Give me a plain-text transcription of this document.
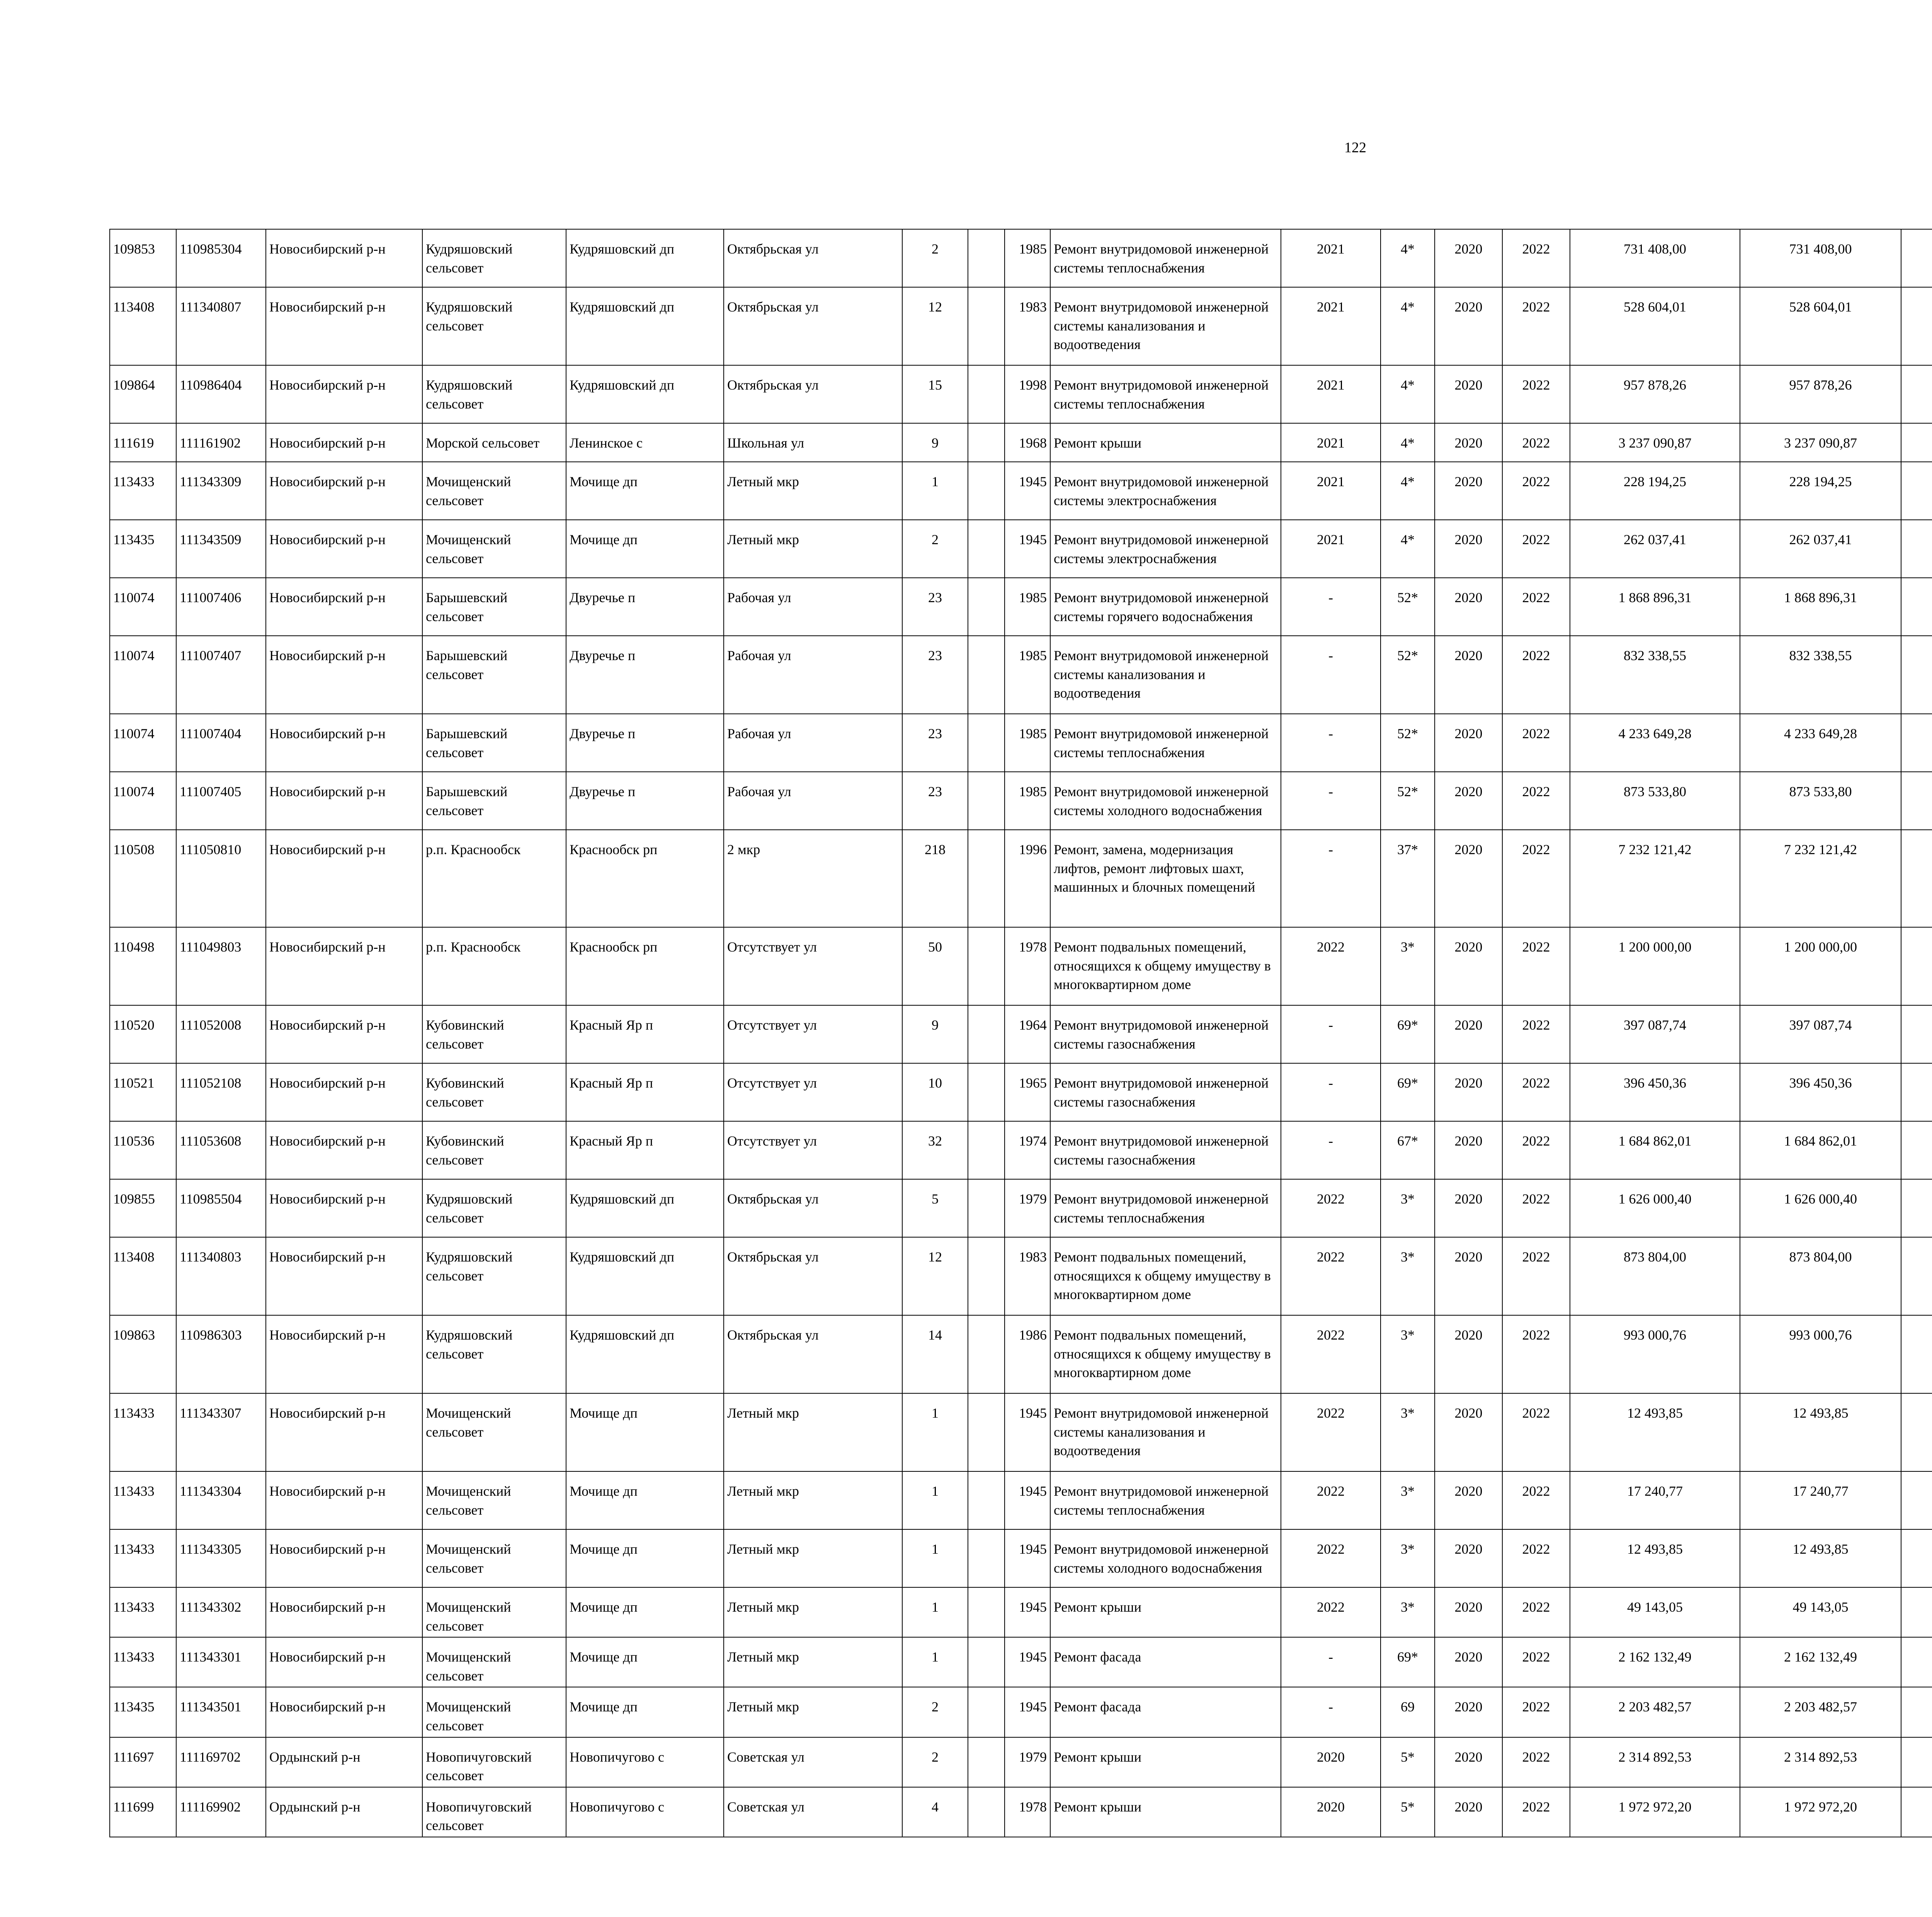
122
109853	110985304	Новосибирский р-н	Кудряшовский сельсовет	Кудряшовский дп	Октябрьская ул	2		1985	Ремонт внутридомовой инженерной системы теплоснабжения	2021	4*	2020	2022	731 408,00	731 408,00						
113408	111340807	Новосибирский р-н	Кудряшовский сельсовет	Кудряшовский дп	Октябрьская ул	12		1983	Ремонт внутридомовой инженерной системы канализования и водоотведения	2021	4*	2020	2022	528 604,01	528 604,01						
109864	110986404	Новосибирский р-н	Кудряшовский сельсовет	Кудряшовский дп	Октябрьская ул	15		1998	Ремонт внутридомовой инженерной системы теплоснабжения	2021	4*	2020	2022	957 878,26	957 878,26						
111619	111161902	Новосибирский р-н	Морской сельсовет	Ленинское с	Школьная ул	9		1968	Ремонт крыши	2021	4*	2020	2022	3 237 090,87	3 237 090,87						
113433	111343309	Новосибирский р-н	Мочищенский сельсовет	Мочище дп	Летный мкр	1		1945	Ремонт внутридомовой инженерной системы электроснабжения	2021	4*	2020	2022	228 194,25	228 194,25						
113435	111343509	Новосибирский р-н	Мочищенский сельсовет	Мочище дп	Летный мкр	2		1945	Ремонт внутридомовой инженерной системы электроснабжения	2021	4*	2020	2022	262 037,41	262 037,41						
110074	111007406	Новосибирский р-н	Барышевский сельсовет	Двуречье п	Рабочая ул	23		1985	Ремонт внутридомовой инженерной системы горячего водоснабжения	-	52*	2020	2022	1 868 896,31	1 868 896,31						
110074	111007407	Новосибирский р-н	Барышевский сельсовет	Двуречье п	Рабочая ул	23		1985	Ремонт внутридомовой инженерной системы канализования и водоотведения	-	52*	2020	2022	832 338,55	832 338,55						
110074	111007404	Новосибирский р-н	Барышевский сельсовет	Двуречье п	Рабочая ул	23		1985	Ремонт внутридомовой инженерной системы теплоснабжения	-	52*	2020	2022	4 233 649,28	4 233 649,28						
110074	111007405	Новосибирский р-н	Барышевский сельсовет	Двуречье п	Рабочая ул	23		1985	Ремонт внутридомовой инженерной системы холодного водоснабжения	-	52*	2020	2022	873 533,80	873 533,80						
110508	111050810	Новосибирский р-н	р.п. Краснообск	Краснообск рп	2 мкр	218		1996	Ремонт, замена, модернизация лифтов, ремонт лифтовых шахт, машинных и блочных помещений	-	37*	2020	2022	7 232 121,42	7 232 121,42						
110498	111049803	Новосибирский р-н	р.п. Краснообск	Краснообск рп	Отсутствует ул	50		1978	Ремонт подвальных помещений, относящихся к общему имуществу в многоквартирном доме	2022	3*	2020	2022	1 200 000,00	1 200 000,00						
110520	111052008	Новосибирский р-н	Кубовинский сельсовет	Красный Яр п	Отсутствует ул	9		1964	Ремонт внутридомовой инженерной системы газоснабжения	-	69*	2020	2022	397 087,74	397 087,74						
110521	111052108	Новосибирский р-н	Кубовинский сельсовет	Красный Яр п	Отсутствует ул	10		1965	Ремонт внутридомовой инженерной системы газоснабжения	-	69*	2020	2022	396 450,36	396 450,36						
110536	111053608	Новосибирский р-н	Кубовинский сельсовет	Красный Яр п	Отсутствует ул	32		1974	Ремонт внутридомовой инженерной системы газоснабжения	-	67*	2020	2022	1 684 862,01	1 684 862,01						
109855	110985504	Новосибирский р-н	Кудряшовский сельсовет	Кудряшовский дп	Октябрьская ул	5		1979	Ремонт внутридомовой инженерной системы теплоснабжения	2022	3*	2020	2022	1 626 000,40	1 626 000,40						
113408	111340803	Новосибирский р-н	Кудряшовский сельсовет	Кудряшовский дп	Октябрьская ул	12		1983	Ремонт подвальных помещений, относящихся к общему имуществу в многоквартирном доме	2022	3*	2020	2022	873 804,00	873 804,00						
109863	110986303	Новосибирский р-н	Кудряшовский сельсовет	Кудряшовский дп	Октябрьская ул	14		1986	Ремонт подвальных помещений, относящихся к общему имуществу в многоквартирном доме	2022	3*	2020	2022	993 000,76	993 000,76						
113433	111343307	Новосибирский р-н	Мочищенский сельсовет	Мочище дп	Летный мкр	1		1945	Ремонт внутридомовой инженерной системы канализования и водоотведения	2022	3*	2020	2022	12 493,85	12 493,85						
113433	111343304	Новосибирский р-н	Мочищенский сельсовет	Мочище дп	Летный мкр	1		1945	Ремонт внутридомовой инженерной системы теплоснабжения	2022	3*	2020	2022	17 240,77	17 240,77						
113433	111343305	Новосибирский р-н	Мочищенский сельсовет	Мочище дп	Летный мкр	1		1945	Ремонт внутридомовой инженерной системы холодного водоснабжения	2022	3*	2020	2022	12 493,85	12 493,85						
113433	111343302	Новосибирский р-н	Мочищенский сельсовет	Мочище дп	Летный мкр	1		1945	Ремонт крыши	2022	3*	2020	2022	49 143,05	49 143,05						
113433	111343301	Новосибирский р-н	Мочищенский сельсовет	Мочище дп	Летный мкр	1		1945	Ремонт фасада	-	69*	2020	2022	2 162 132,49	2 162 132,49						
113435	111343501	Новосибирский р-н	Мочищенский сельсовет	Мочище дп	Летный мкр	2		1945	Ремонт фасада	-	69	2020	2022	2 203 482,57	2 203 482,57						
111697	111169702	Ордынский р-н	Новопичуговский сельсовет	Новопичугово с	Советская ул	2		1979	Ремонт крыши	2020	5*	2020	2022	2 314 892,53	2 314 892,53						
111699	111169902	Ордынский р-н	Новопичуговский сельсовет	Новопичугово с	Советская ул	4		1978	Ремонт крыши	2020	5*	2020	2022	1 972 972,20	1 972 972,20						
